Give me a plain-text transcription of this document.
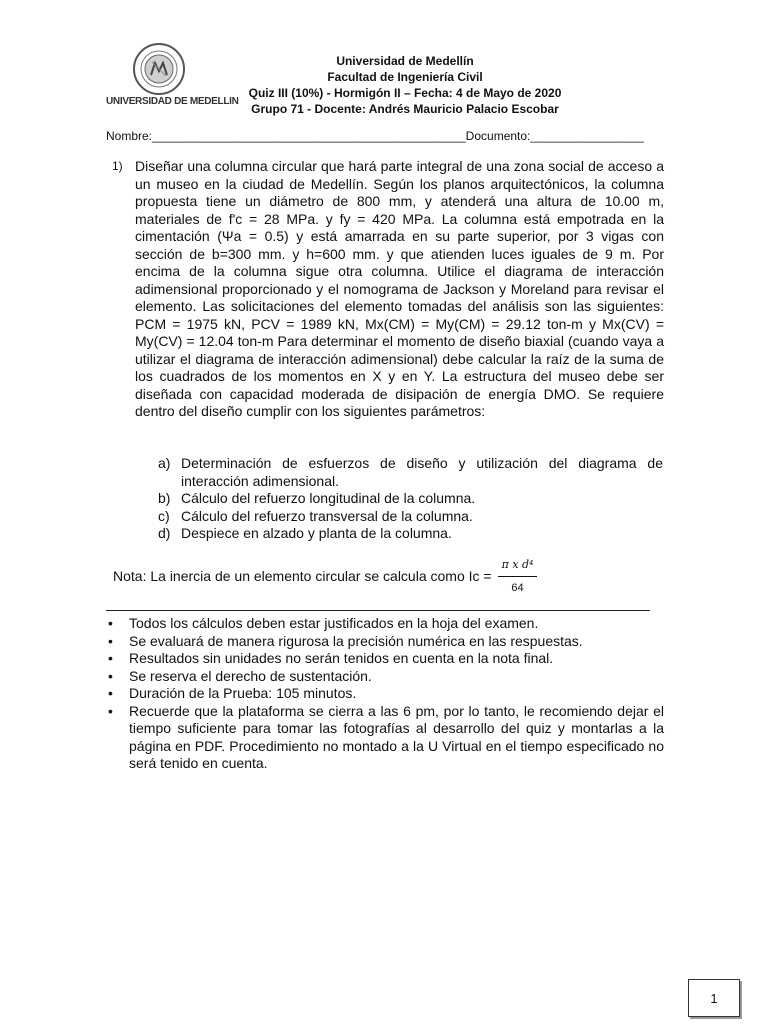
UNIVERSIDAD DE MEDELLIN
Universidad de Medellín
Facultad de Ingeniería Civil
Quiz III (10%) - Hormigón II – Fecha: 4 de Mayo de 2020
Grupo 71 - Docente: Andrés Mauricio Palacio Escobar
Nombre:_______________________________________________Documento:_________________
1) Diseñar una columna circular que hará parte integral de una zona social de acceso a un museo en la ciudad de Medellín. Según los planos arquitectónicos, la columna propuesta tiene un diámetro de 800 mm, y atenderá una altura de 10.00 m, materiales de f'c = 28 MPa. y fy = 420 MPa. La columna está empotrada en la cimentación (Ψa = 0.5) y está amarrada en su parte superior, por 3 vigas con sección de b=300 mm. y h=600 mm. y que atienden luces iguales de 9 m. Por encima de la columna sigue otra columna. Utilice el diagrama de interacción adimensional proporcionado y el nomograma de Jackson y Moreland para revisar el elemento. Las solicitaciones del elemento tomadas del análisis son las siguientes: PCM = 1975 kN, PCV = 1989 kN, Mx(CM) = My(CM) = 29.12 ton-m y Mx(CV) = My(CV) = 12.04 ton-m Para determinar el momento de diseño biaxial (cuando vaya a utilizar el diagrama de interacción adimensional) debe calcular la raíz de la suma de los cuadrados de los momentos en X y en Y. La estructura del museo debe ser diseñada con capacidad moderada de disipación de energía DMO. Se requiere dentro del diseño cumplir con los siguientes parámetros:
a) Determinación de esfuerzos de diseño y utilización del diagrama de interacción adimensional.
b) Cálculo del refuerzo longitudinal de la columna.
c) Cálculo del refuerzo transversal de la columna.
d) Despiece en alzado y planta de la columna.
Nota: La inercia de un elemento circular se calcula como $Ic = \frac{\text{π x d⁴}}{64}$
•	Todos los cálculos deben estar justificados en la hoja del examen.
•	Se evaluará de manera rigurosa la precisión numérica en las respuestas.
•	Resultados sin unidades no serán tenidos en cuenta en la nota final.
•	Se reserva el derecho de sustentación.
•	Duración de la Prueba: 105 minutos.
•	Recuerde que la plataforma se cierra a las 6 pm, por lo tanto, le recomiendo dejar el tiempo suficiente para tomar las fotografías al desarrollo del quiz y montarlas a la página en PDF. Procedimiento no montado a la U Virtual en el tiempo especificado no será tenido en cuenta.
1
